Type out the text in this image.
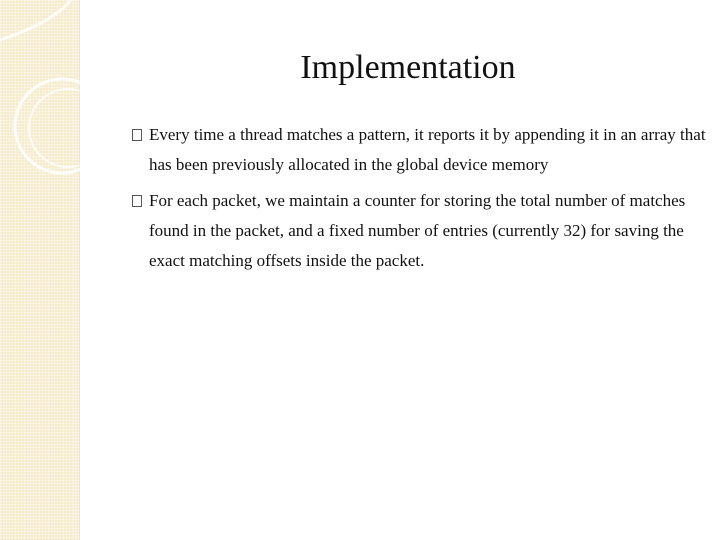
Implementation
Every time a thread matches a pattern, it reports it by appending it in an array that has been previously allocated in the global device memory
For each packet, we maintain a counter for storing the total number of matches found in the packet, and a fixed number of entries (currently 32) for saving the exact matching offsets inside the packet.
